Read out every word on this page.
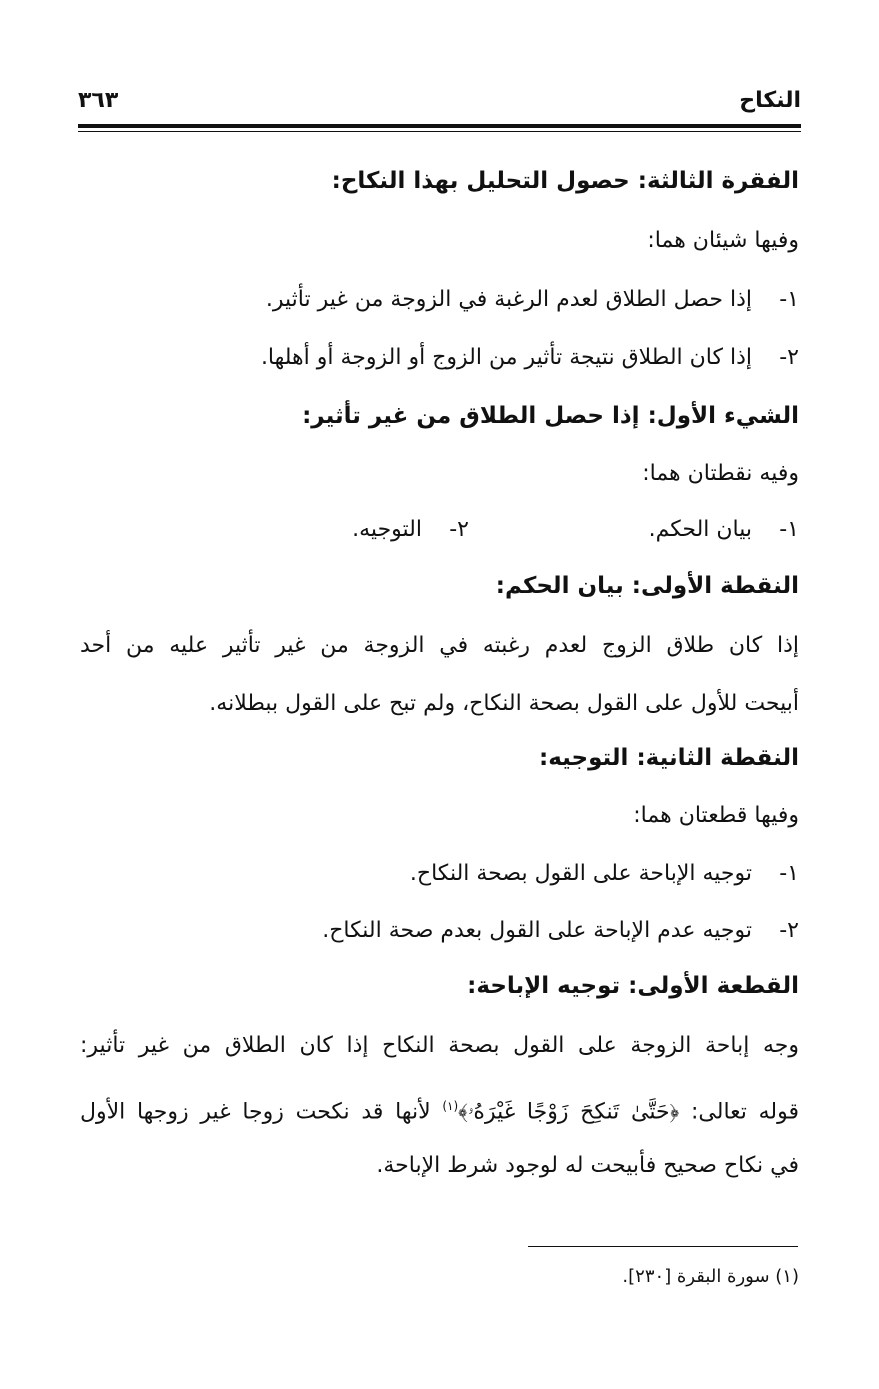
النكاح
٣٦٣
الفقرة الثالثة: حصول التحليل بهذا النكاح:
وفيها شيئان هما:
١- إذا حصل الطلاق لعدم الرغبة في الزوجة من غير تأثير.
٢- إذا كان الطلاق نتيجة تأثير من الزوج أو الزوجة أو أهلها.
الشيء الأول: إذا حصل الطلاق من غير تأثير:
وفيه نقطتان هما:
١- بيان الحكم.
٢- التوجيه.
النقطة الأولى: بيان الحكم:
إذا كان طلاق الزوج لعدم رغبته في الزوجة من غير تأثير عليه من أحد
أبيحت للأول على القول بصحة النكاح، ولم تبح على القول ببطلانه.
النقطة الثانية: التوجيه:
وفيها قطعتان هما:
١- توجيه الإباحة على القول بصحة النكاح.
٢- توجيه عدم الإباحة على القول بعدم صحة النكاح.
القطعة الأولى: توجيه الإباحة:
وجه إباحة الزوجة على القول بصحة النكاح إذا كان الطلاق من غير تأثير:
قوله تعالى: ﴿حَتَّىٰ تَنكِحَ زَوْجًا غَيْرَهُۥ﴾$^{(١)}$ لأنها قد نكحت زوجا غير زوجها الأول
في نكاح صحيح فأبيحت له لوجود شرط الإباحة.
(١) سورة البقرة [٢٣٠].
